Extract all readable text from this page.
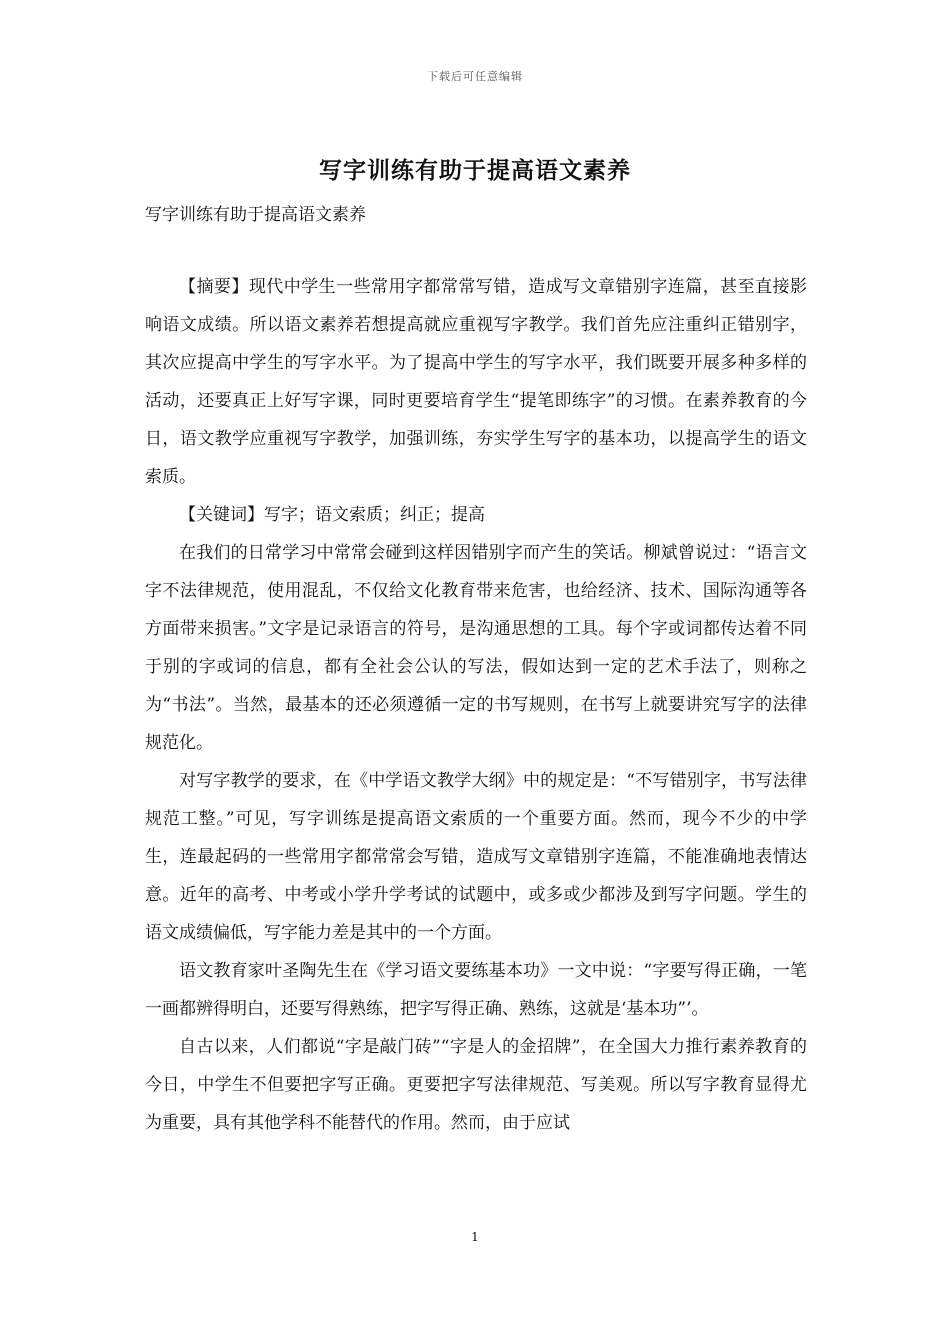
下载后可任意编辑
写字训练有助于提高语文素养
写字训练有助于提高语文素养

【摘要】现代中学生一些常用字都常常写错，造成写文章错别字连篇，甚至直接影响语文成绩。所以语文素养若想提高就应重视写字教学。我们首先应注重纠正错别字，其次应提高中学生的写字水平。为了提高中学生的写字水平，我们既要开展多种多样的活动，还要真正上好写字课，同时更要培育学生“提笔即练字”的习惯。在素养教育的今日，语文教学应重视写字教学，加强训练，夯实学生写字的基本功，以提高学生的语文索质。

【关键词】写字；语文索质；纠正；提高

在我们的日常学习中常常会碰到这样因错别字而产生的笑话。柳斌曾说过：“语言文字不法律规范，使用混乱，不仅给文化教育带来危害，也给经济、技术、国际沟通等各方面带来损害。”文字是记录语言的符号，是沟通思想的工具。每个字或词都传达着不同于别的字或词的信息，都有全社会公认的写法，假如达到一定的艺术手法了，则称之为“书法”。当然，最基本的还必须遵循一定的书写规则，在书写上就要讲究写字的法律规范化。

对写字教学的要求，在《中学语文教学大纲》中的规定是：“不写错别字，书写法律规范工整。”可见，写字训练是提高语文索质的一个重要方面。然而，现今不少的中学生，连最起码的一些常用字都常常会写错，造成写文章错别字连篇，不能准确地表情达意。近年的高考、中考或小学升学考试的试题中，或多或少都涉及到写字问题。学生的语文成绩偏低，写字能力差是其中的一个方面。

语文教育家叶圣陶先生在《学习语文要练基本功》一文中说：“字要写得正确，一笔一画都辨得明白，还要写得熟练，把字写得正确、熟练，这就是‘基本功”’。

自古以来，人们都说“字是敲门砖”“字是人的金招牌”，在全国大力推行素养教育的今日，中学生不但要把字写正确。更要把字写法律规范、写美观。所以写字教育显得尤为重要，具有其他学科不能替代的作用。然而，由于应试

1
